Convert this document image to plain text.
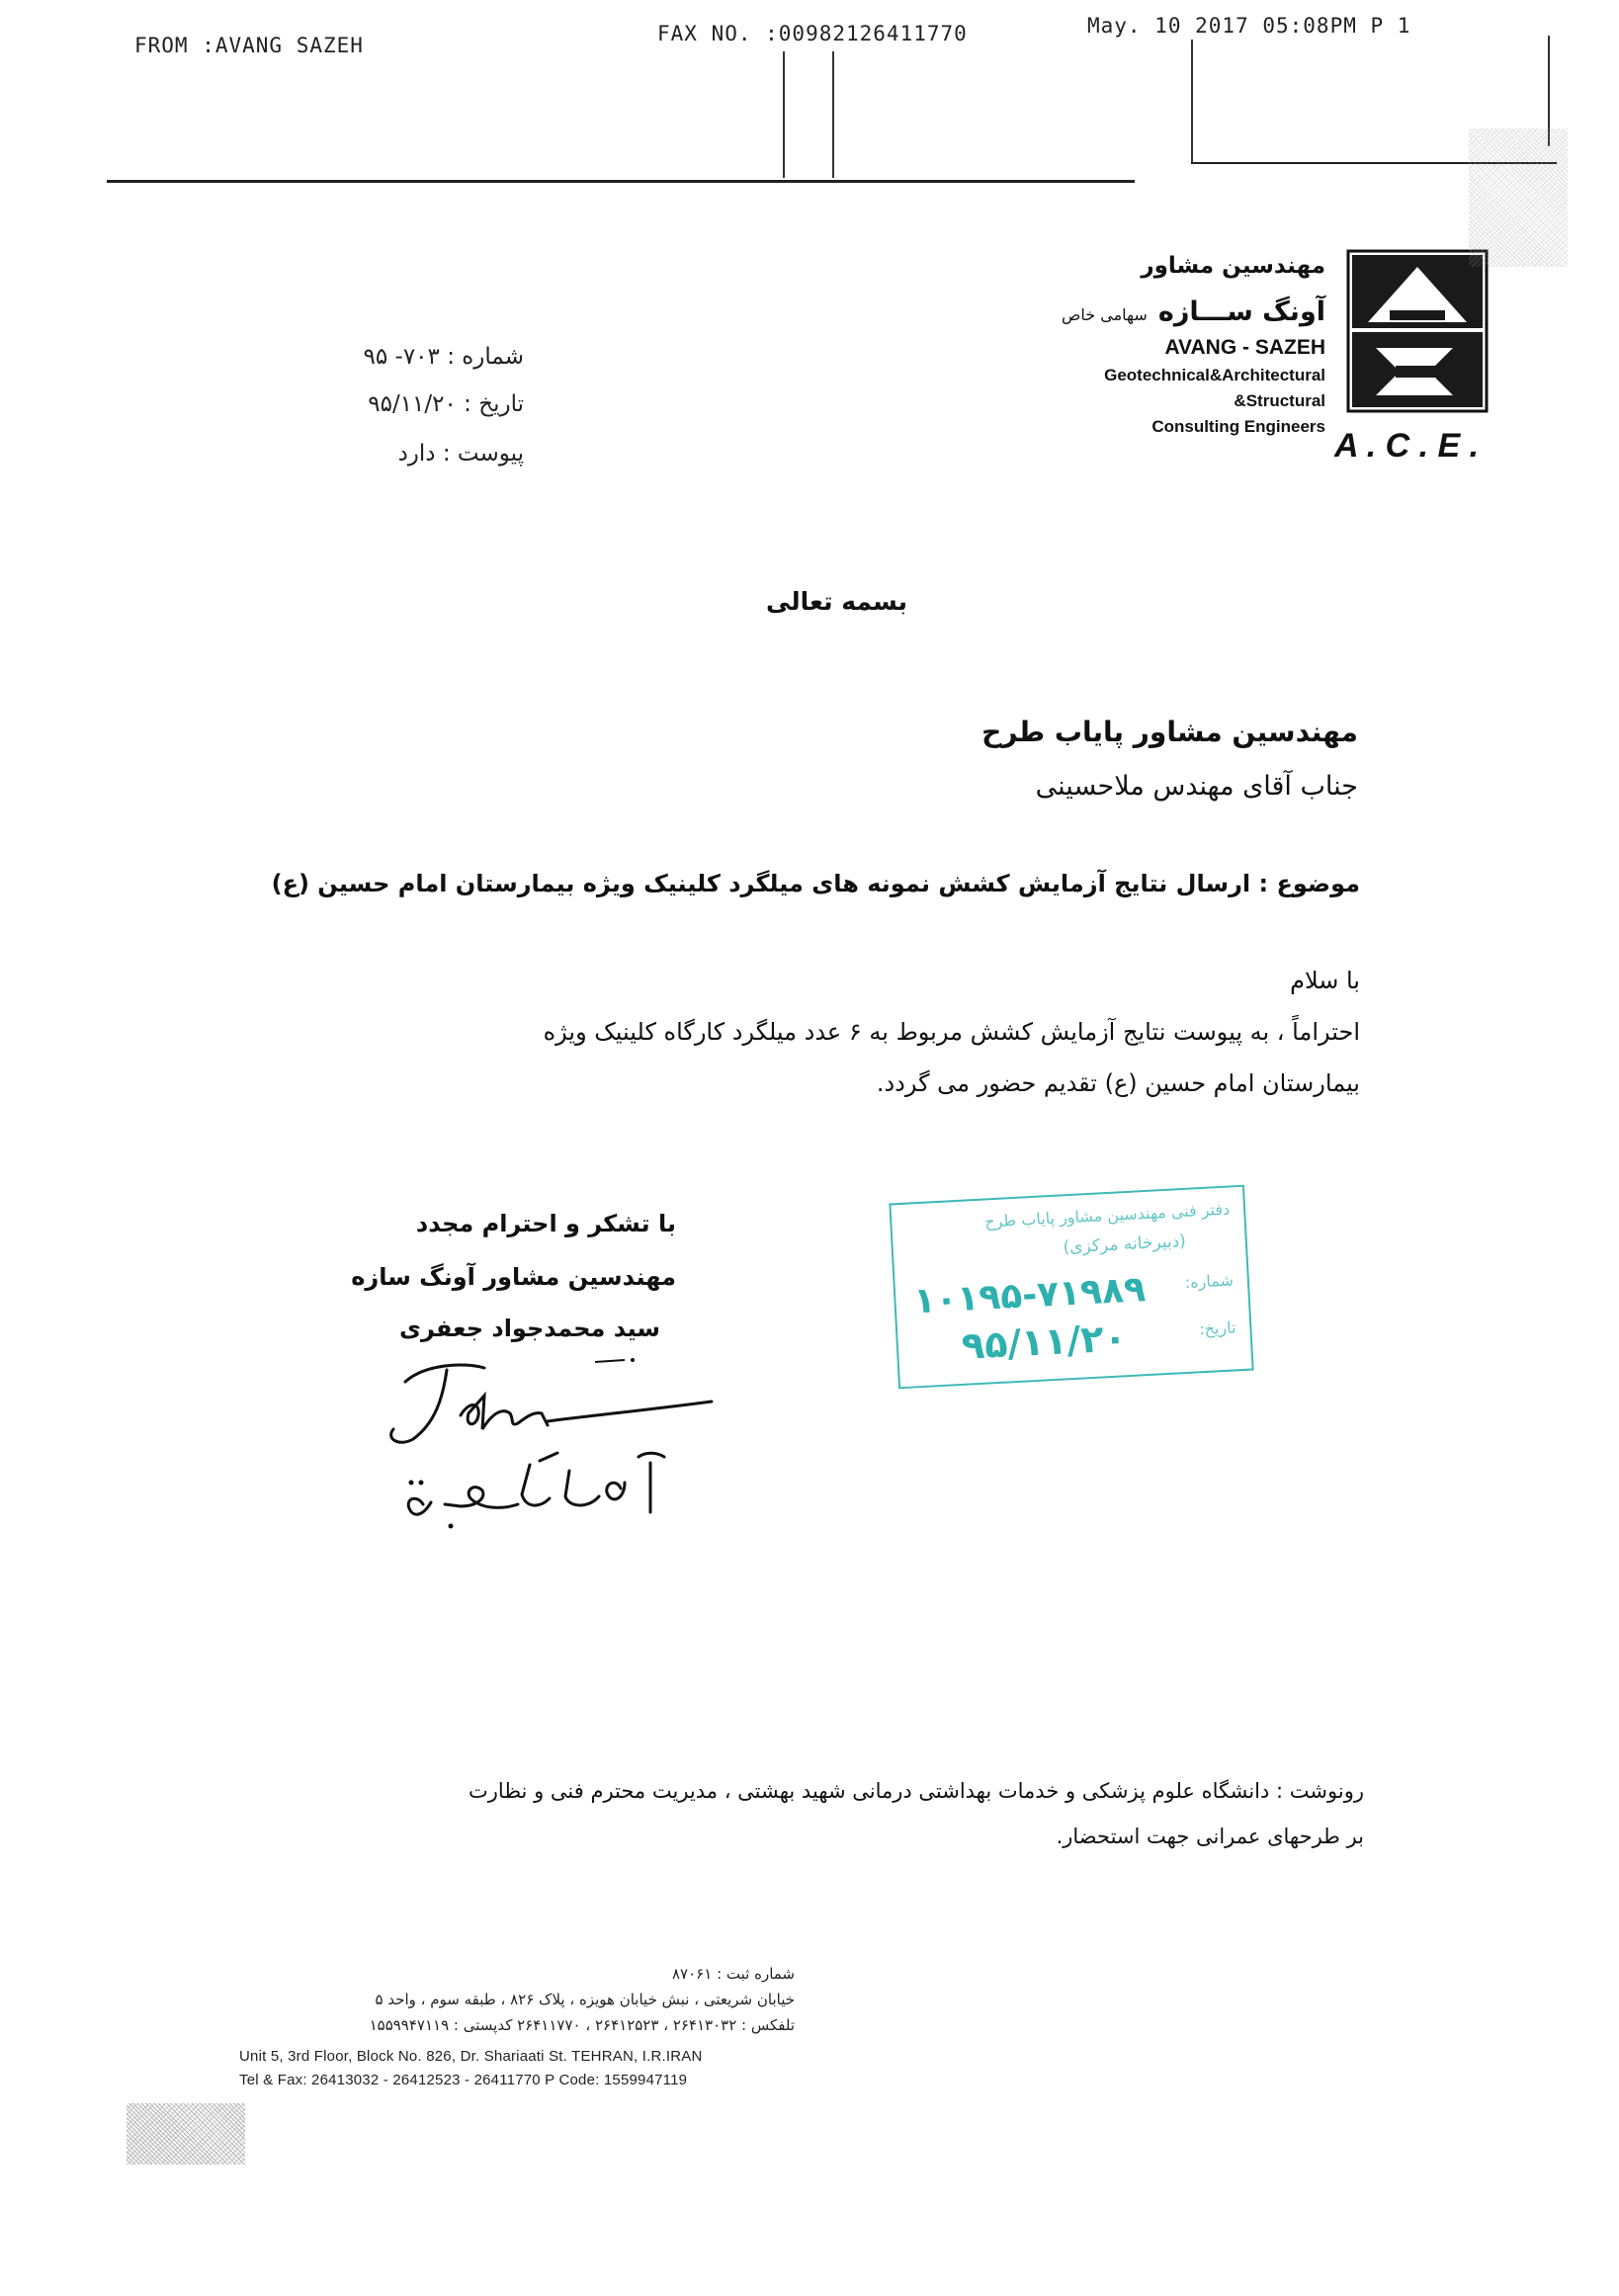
FROM :AVANG SAZEH	FAX NO. :00982126411770	May. 10 2017 05:08PM P 1
مهندسین مشاور
آونگ ســـازه سهامی خاص
AVANG - SAZEH
Geotechnical&Architectural
&Structural
Consulting Engineers
A . C . E .
شماره : ۷۰۳- ۹۵
تاریخ : ۹۵/۱۱/۲۰
پیوست : دارد
بسمه تعالی
مهندسین مشاور پایاب طرح
جناب آقای مهندس ملاحسینی
موضوع : ارسال نتایج آزمایش کشش نمونه های میلگرد کلینیک ویژه بیمارستان امام حسین (ع)
با سلام
احتراماً ، به پیوست نتایج آزمایش کشش مربوط به ۶ عدد میلگرد کارگاه کلینیک ویژه
بیمارستان امام حسین (ع) تقدیم حضور می گردد.
با تشکر و احترام مجدد
مهندسین مشاور آونگ سازه
سید محمدجواد جعفری
دفتر فنی مهندسین مشاور پایاب طرح
(دبیرخانه مرکزی)
شماره:
تاریخ:
۱۰۱۹۵-۷۱۹۸۹
۹۵/۱۱/۲۰
رونوشت : دانشگاه علوم پزشکی و خدمات بهداشتی درمانی شهید بهشتی ، مدیریت محترم فنی و نظارت
بر طرحهای عمرانی جهت استحضار.
شماره ثبت : ۸۷۰۶۱
خیابان شریعتی ، نبش خیابان هویزه ، پلاک ۸۲۶ ، طبقه سوم ، واحد ۵
تلفکس : ۲۶۴۱۳۰۳۲ ، ۲۶۴۱۲۵۲۳ ، ۲۶۴۱۱۷۷۰ کدپستی : ۱۵۵۹۹۴۷۱۱۹
Unit 5, 3rd Floor, Block No. 826, Dr. Shariaati St. TEHRAN, I.R.IRAN
Tel & Fax: 26413032 - 26412523 - 26411770 P Code: 1559947119
